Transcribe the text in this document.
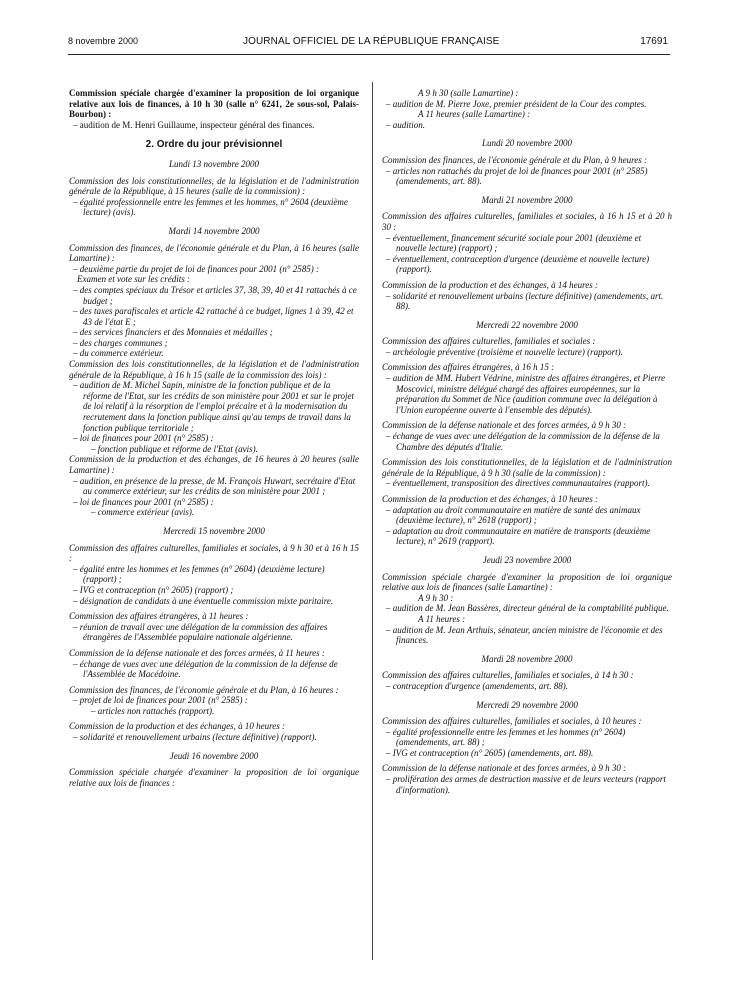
8 novembre 2000	JOURNAL OFFICIEL DE LA RÉPUBLIQUE FRANÇAISE	17691

Commission spéciale chargée d'examiner la proposition de loi organique relative aux lois de finances, à 10 h 30 (salle n° 6241, 2e sous-sol, Palais-Bourbon) :

– audition de M. Henri Guillaume, inspecteur général des finances.

2. Ordre du jour prévisionnel

Lundi 13 novembre 2000

Commission des lois constitutionnelles, de la législation et de l'administration générale de la République, à 15 heures (salle de la commission) :

– égalité professionnelle entre les femmes et les hommes, n° 2604 (deuxième lecture) (avis).

Mardi 14 novembre 2000

Commission des finances, de l'économie générale et du Plan, à 16 heures (salle Lamartine) :

– deuxième partie du projet de loi de finances pour 2001 (n° 2585) :

Examen et vote sur les crédits :

– des comptes spéciaux du Trésor et articles 37, 38, 39, 40 et 41 rattachés à ce budget ;

– des taxes parafiscales et article 42 rattaché à ce budget, lignes 1 à 39, 42 et 43 de l'état E ;

– des services financiers et des Monnaies et médailles ;

– des charges communes ;

– du commerce extérieur.

Commission des lois constitutionnelles, de la législation et de l'administration générale de la République, à 16 h 15 (salle de la commission des lois) :

– audition de M. Michel Sapin, ministre de la fonction publique et de la réforme de l'Etat, sur les crédits de son ministère pour 2001 et sur le projet de loi relatif à la résorption de l'emploi précaire et à la modernisation du recrutement dans la fonction publique ainsi qu'au temps de travail dans la fonction publique territoriale ;

– loi de finances pour 2001 (n° 2585) :

– fonction publique et réforme de l'Etat (avis).

Commission de la production et des échanges, de 16 heures à 20 heures (salle Lamartine) :

– audition, en présence de la presse, de M. François Huwart, secrétaire d'Etat au commerce extérieur, sur les crédits de son ministère pour 2001 ;

– loi de finances pour 2001 (n° 2585) :

– commerce extérieur (avis).

Mercredi 15 novembre 2000

Commission des affaires culturelles, familiales et sociales, à 9 h 30 et à 16 h 15 :

– égalité entre les hommes et les femmes (n° 2604) (deuxième lecture) (rapport) ;

– IVG et contraception (n° 2605) (rapport) ;

– désignation de candidats à une éventuelle commission mixte paritaire.

Commission des affaires étrangères, à 11 heures :

– réunion de travail avec une délégation de la commission des affaires étrangères de l'Assemblée populaire nationale algérienne.

Commission de la défense nationale et des forces armées, à 11 heures :

– échange de vues avec une délégation de la commission de la défense de l'Assemblée de Macédoine.

Commission des finances, de l'économie générale et du Plan, à 16 heures :

– projet de loi de finances pour 2001 (n° 2585) :

– articles non rattachés (rapport).

Commission de la production et des échanges, à 10 heures :

– solidarité et renouvellement urbains (lecture définitive) (rapport).

Jeudi 16 novembre 2000

Commission spéciale chargée d'examiner la proposition de loi organique relative aux lois de finances :

A 9 h 30 (salle Lamartine) :

– audition de M. Pierre Joxe, premier président de la Cour des comptes.

A 11 heures (salle Lamartine) :

– audition.

Lundi 20 novembre 2000

Commission des finances, de l'économie générale et du Plan, à 9 heures :

– articles non rattachés du projet de loi de finances pour 2001 (n° 2585) (amendements, art. 88).

Mardi 21 novembre 2000

Commission des affaires culturelles, familiales et sociales, à 16 h 15 et à 20 h 30 :

– éventuellement, financement sécurité sociale pour 2001 (deuxième et nouvelle lecture) (rapport) ;

– éventuellement, contraception d'urgence (deuxième et nouvelle lecture) (rapport).

Commission de la production et des échanges, à 14 heures :

– solidarité et renouvellement urbains (lecture définitive) (amendements, art. 88).

Mercredi 22 novembre 2000

Commission des affaires culturelles, familiales et sociales :

– archéologie préventive (troisième et nouvelle lecture) (rapport).

Commission des affaires étrangères, à 16 h 15 :

– audition de MM. Hubert Védrine, ministre des affaires étrangères, et Pierre Moscovici, ministre délégué chargé des affaires européennes, sur la préparation du Sommet de Nice (audition commune avec la délégation à l'Union européenne ouverte à l'ensemble des députés).

Commission de la défense nationale et des forces armées, à 9 h 30 :

– échange de vues avec une délégation de la commission de la défense de la Chambre des députés d'Italie.

Commission des lois constitutionnelles, de la législation et de l'administration générale de la République, à 9 h 30 (salle de la commission) :

– éventuellement, transposition des directives communautaires (rapport).

Commission de la production et des échanges, à 10 heures :

– adaptation au droit communautaire en matière de santé des animaux (deuxième lecture), n° 2618 (rapport) ;

– adaptation au droit communautaire en matière de transports (deuxième lecture), n° 2619 (rapport).

Jeudi 23 novembre 2000

Commission spéciale chargée d'examiner la proposition de loi organique relative aux lois de finances (salle Lamartine) :

A 9 h 30 :

– audition de M. Jean Bassères, directeur général de la comptabilité publique.

A 11 heures :

– audition de M. Jean Arthuis, sénateur, ancien ministre de l'économie et des finances.

Mardi 28 novembre 2000

Commission des affaires culturelles, familiales et sociales, à 14 h 30 :

– contraception d'urgence (amendements, art. 88).

Mercredi 29 novembre 2000

Commission des affaires culturelles, familiales et sociales, à 10 heures :

– égalité professionnelle entre les femmes et les hommes (n° 2604) (amendements, art. 88) ;

– IVG et contraception (n° 2605) (amendements, art. 88).

Commission de la défense nationale et des forces armées, à 9 h 30 :

– prolifération des armes de destruction massive et de leurs vecteurs (rapport d'information).
